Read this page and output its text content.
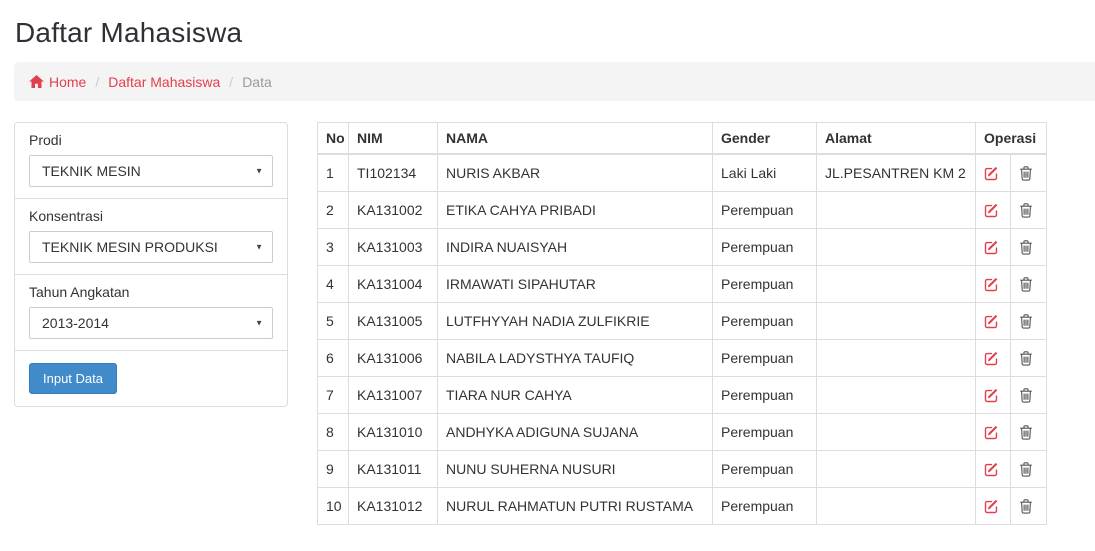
Daftar Mahasiswa
Home / Daftar Mahasiswa / Data
Prodi
TEKNIK MESIN
▼
Konsentrasi
TEKNIK MESIN PRODUKSI
▼
Tahun Angkatan
2013-2014
▼
Input Data
No	NIM	NAMA	Gender	Alamat	Operasi	
1	TI102134	NURIS AKBAR	Laki Laki	JL.PESANTREN KM 2	

2	KA131002	ETIKA CAHYA PRIBADI	Perempuan		

3	KA131003	INDIRA NUAISYAH	Perempuan		

4	KA131004	IRMAWATI SIPAHUTAR	Perempuan		

5	KA131005	LUTFHYYAH NADIA ZULFIKRIE	Perempuan		

6	KA131006	NABILA LADYSTHYA TAUFIQ	Perempuan		

7	KA131007	TIARA NUR CAHYA	Perempuan		

8	KA131010	ANDHYKA ADIGUNA SUJANA	Perempuan		

9	KA131011	NUNU SUHERNA NUSURI	Perempuan		

10	KA131012	NURUL RAHMATUN PUTRI RUSTAMA	Perempuan		
